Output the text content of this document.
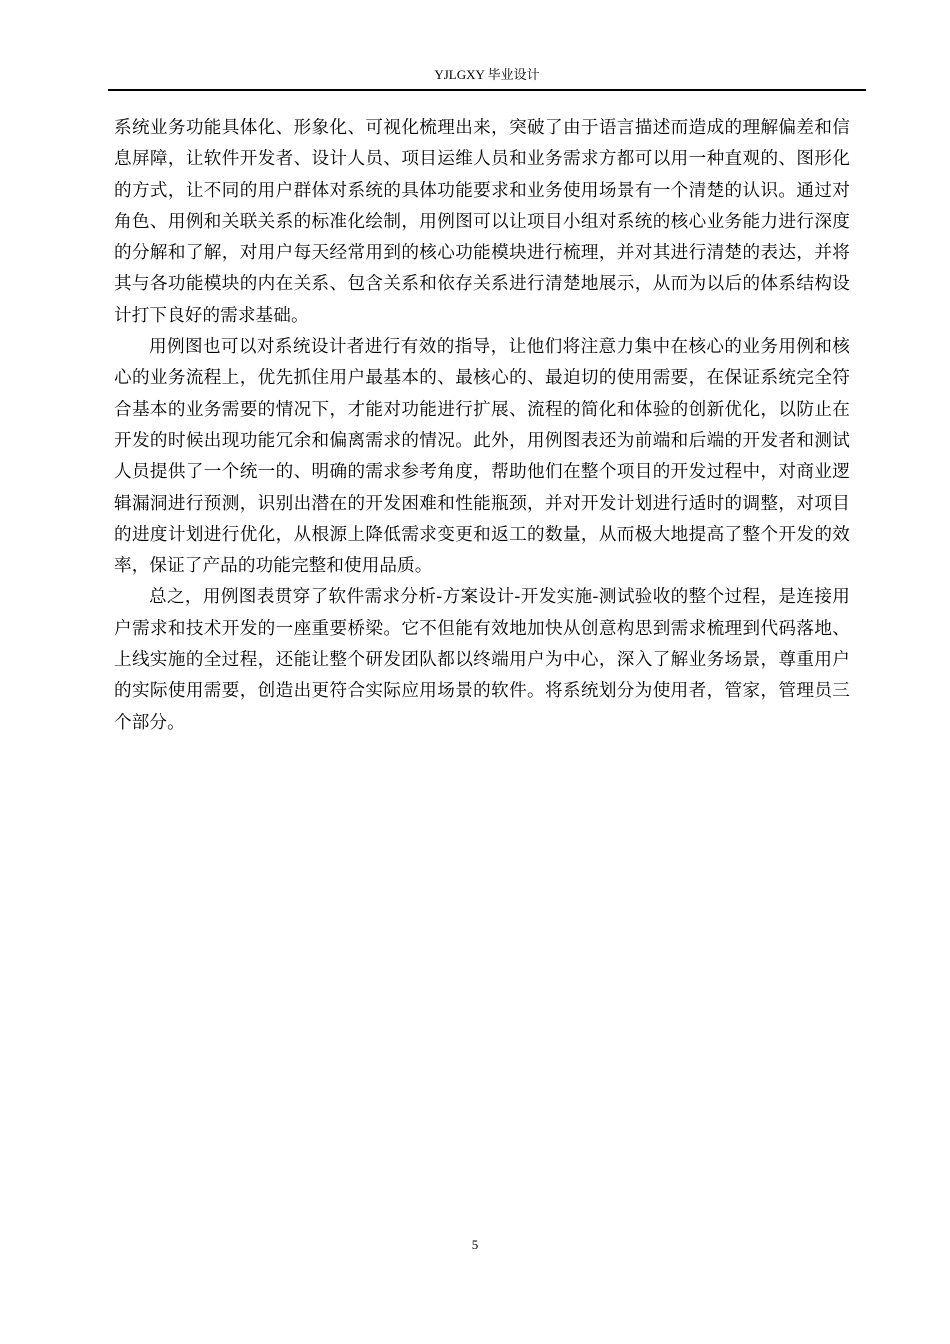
YJLGXY 毕业设计

系统业务功能具体化、形象化、可视化梳理出来，突破了由于语言描述而造成的理解偏差和信息屏障，让软件开发者、设计人员、项目运维人员和业务需求方都可以用一种直观的、图形化的方式，让不同的用户群体对系统的具体功能要求和业务使用场景有一个清楚的认识。通过对角色、用例和关联关系的标准化绘制，用例图可以让项目小组对系统的核心业务能力进行深度的分解和了解，对用户每天经常用到的核心功能模块进行梳理，并对其进行清楚的表达，并将其与各功能模块的内在关系、包含关系和依存关系进行清楚地展示，从而为以后的体系结构设计打下良好的需求基础。

用例图也可以对系统设计者进行有效的指导，让他们将注意力集中在核心的业务用例和核心的业务流程上，优先抓住用户最基本的、最核心的、最迫切的使用需要，在保证系统完全符合基本的业务需要的情况下，才能对功能进行扩展、流程的简化和体验的创新优化，以防止在开发的时候出现功能冗余和偏离需求的情况。此外，用例图表还为前端和后端的开发者和测试人员提供了一个统一的、明确的需求参考角度，帮助他们在整个项目的开发过程中，对商业逻辑漏洞进行预测，识别出潜在的开发困难和性能瓶颈，并对开发计划进行适时的调整，对项目的进度计划进行优化，从根源上降低需求变更和返工的数量，从而极大地提高了整个开发的效率，保证了产品的功能完整和使用品质。

总之，用例图表贯穿了软件需求分析-方案设计-开发实施-测试验收的整个过程，是连接用户需求和技术开发的一座重要桥梁。它不但能有效地加快从创意构思到需求梳理到代码落地、上线实施的全过程，还能让整个研发团队都以终端用户为中心，深入了解业务场景，尊重用户的实际使用需要，创造出更符合实际应用场景的软件。将系统划分为使用者，管家，管理员三个部分。

5
